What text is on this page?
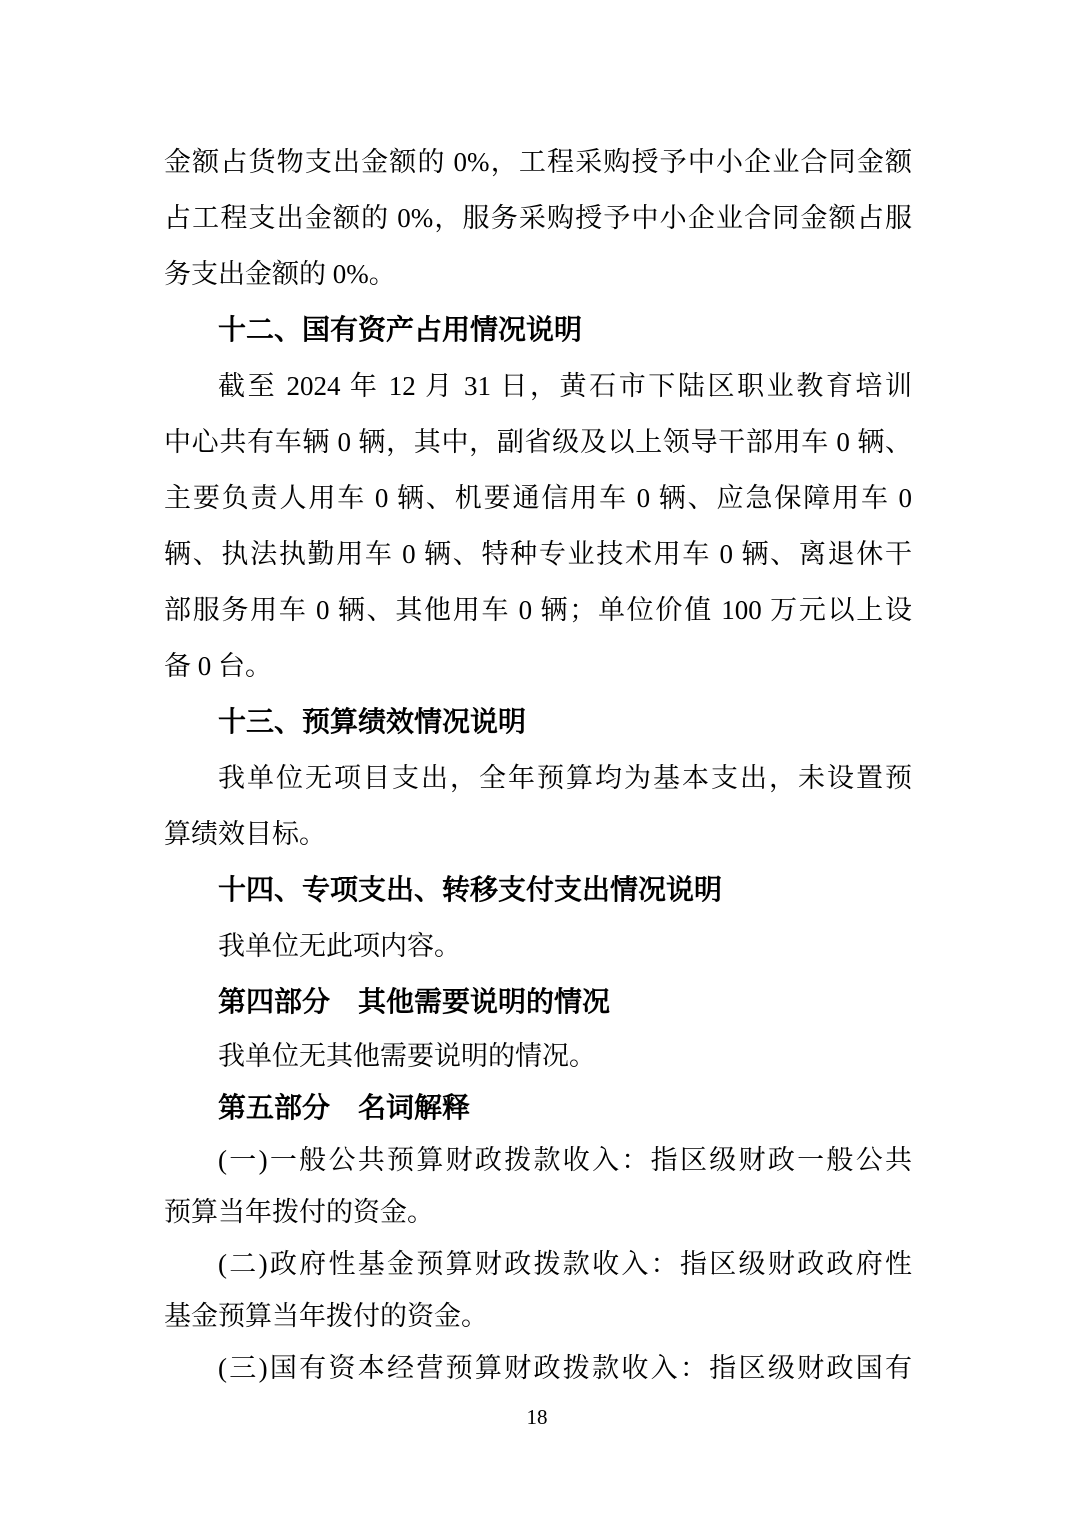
金额占货物支出金额的 0%，工程采购授予中小企业合同金额
占工程支出金额的 0%，服务采购授予中小企业合同金额占服
务支出金额的 0%。
十二、国有资产占用情况说明
截至 2024 年 12 月 31 日，黄石市下陆区职业教育培训
中心共有车辆 0 辆，其中，副省级及以上领导干部用车 0 辆、
主要负责人用车 0 辆、机要通信用车 0 辆、应急保障用车 0
辆、执法执勤用车 0 辆、特种专业技术用车 0 辆、离退休干
部服务用车 0 辆、其他用车 0 辆；单位价值 100 万元以上设
备 0 台。
十三、预算绩效情况说明
我单位无项目支出，全年预算均为基本支出，未设置预
算绩效目标。
十四、专项支出、转移支付支出情况说明
我单位无此项内容。
第四部分　其他需要说明的情况
我单位无其他需要说明的情况。
第五部分　名词解释
(一)一般公共预算财政拨款收入：指区级财政一般公共
预算当年拨付的资金。
(二)政府性基金预算财政拨款收入：指区级财政政府性
基金预算当年拨付的资金。
(三)国有资本经营预算财政拨款收入：指区级财政国有
18
